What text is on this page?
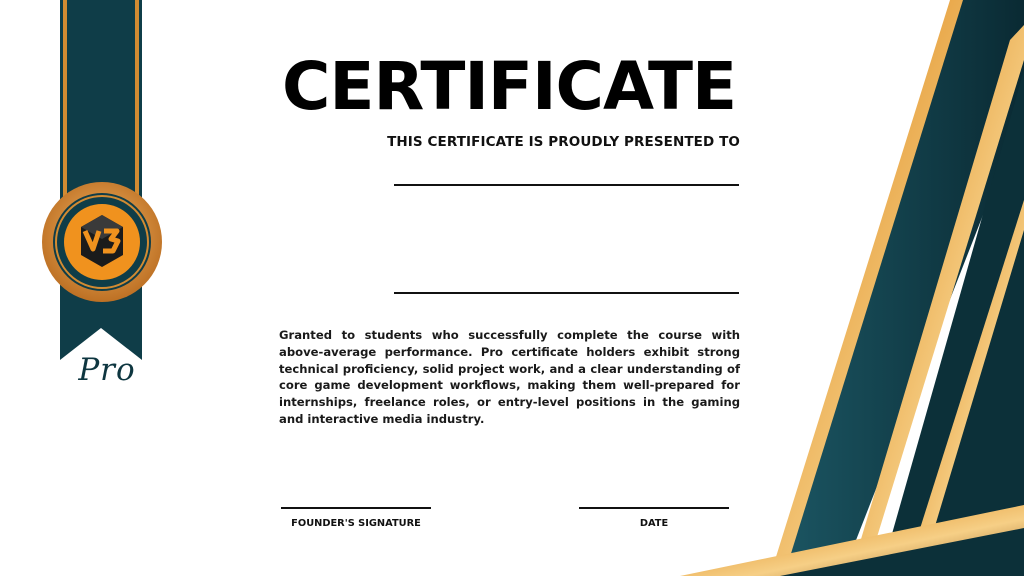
Pro
CERTIFICATE
THIS CERTIFICATE IS PROUDLY PRESENTED TO
Granted to students who successfully complete the course with above-average performance. Pro certificate holders exhibit strong technical proficiency, solid project work, and a clear understanding of core game development workflows, making them well-prepared for internships, freelance roles, or entry-level positions in the gaming and interactive media industry.
FOUNDER'S SIGNATURE	DATE
